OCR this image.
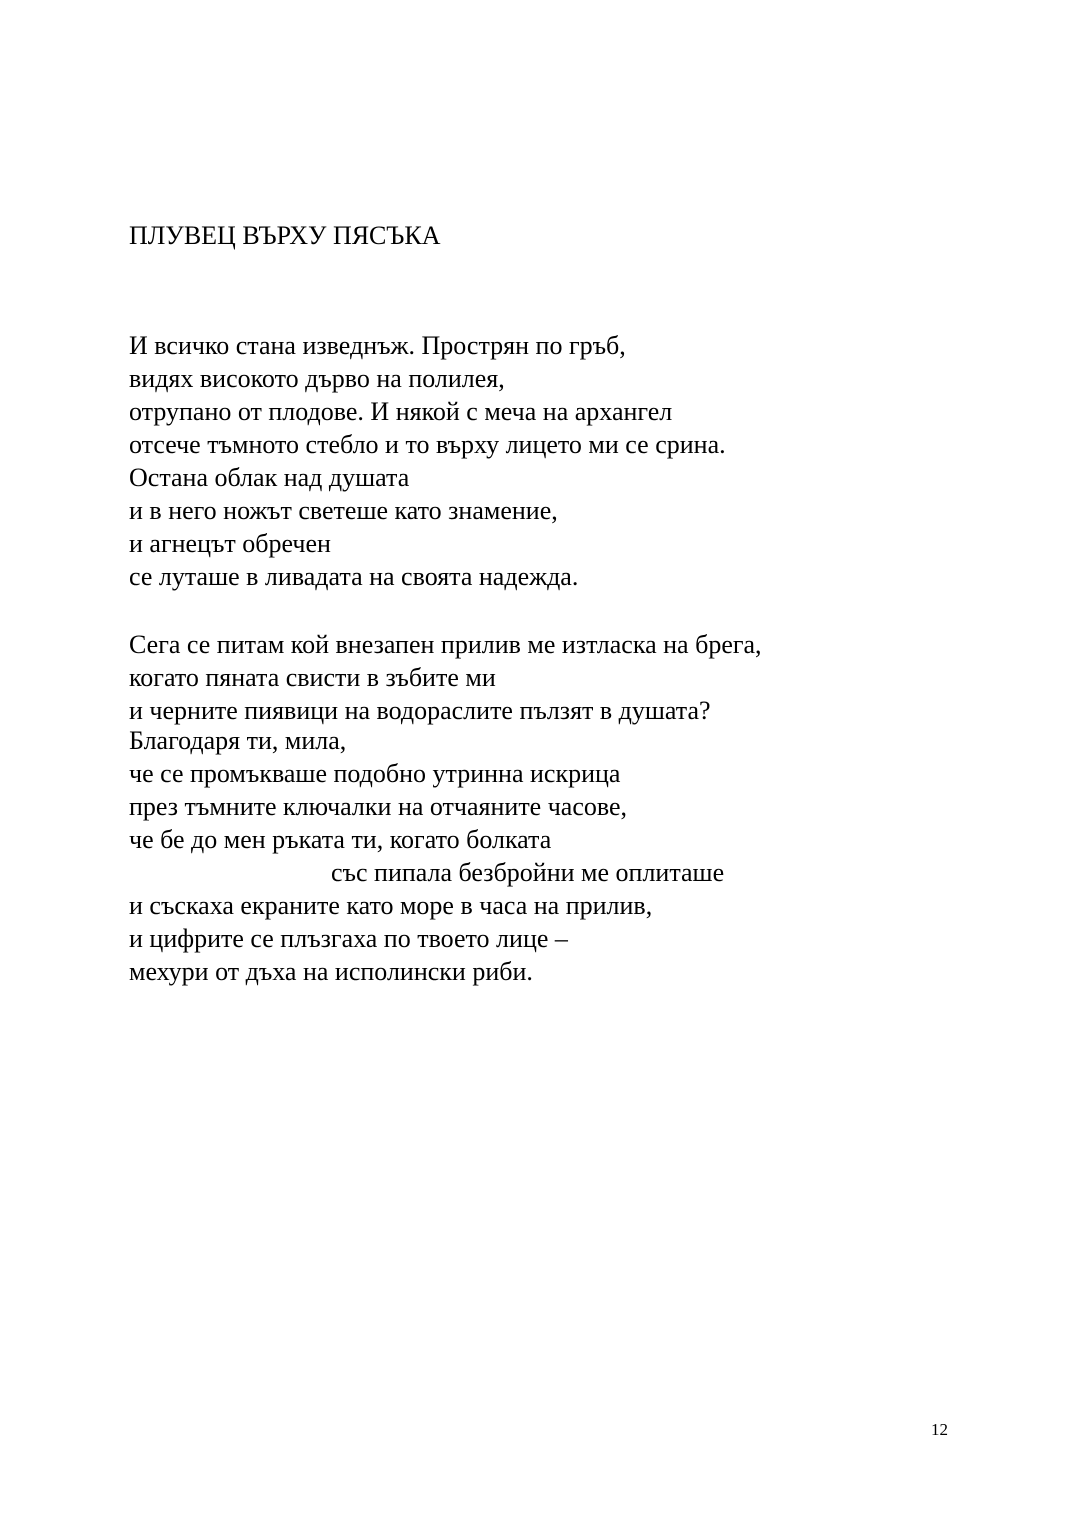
ПЛУВЕЦ ВЪРХУ ПЯСЪКА
И всичко стана изведнъж. Прострян по гръб,
видях високото дърво на полилея,
отрупано от плодове. И някой с меча на архангел
отсече тъмното стебло и то върху лицето ми се срина.
Остана облак над душата
и в него ножът светеше като знамение,
и агнецът обречен
се луташе в ливадата на своята надежда.
Сега се питам кой внезапен прилив ме изтласка на брега,
когато пяната свисти в зъбите ми
и черните пиявици на водораслите пълзят в душата?
Благодаря ти, мила,
че се промъкваше подобно утринна искрица
през тъмните ключалки на отчаяните часове,
че бе до мен ръката ти, когато болката
със пипала безбройни ме оплиташе
и съскаха екраните като море в часа на прилив,
и цифрите се плъзгаха по твоето лице –
мехури от дъха на исполински риби.
12
